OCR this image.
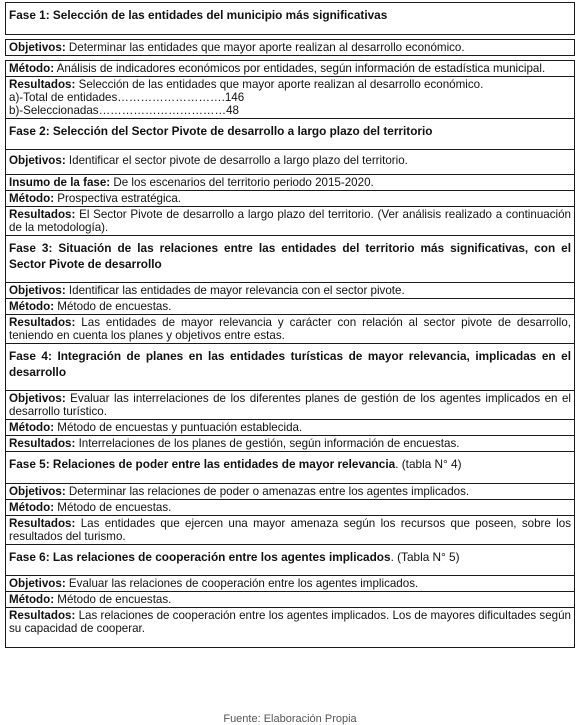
Fase 1: Selección de las entidades del municipio más significativas
Objetivos: Determinar las entidades que mayor aporte realizan al desarrollo económico.
Método: Análisis de indicadores económicos por entidades, según información de estadística municipal.
Resultados: Selección de las entidades que mayor aporte realizan al desarrollo económico.
a)-Total de entidades……………………….146
b)-Seleccionadas……………………………48
Fase 2: Selección del Sector Pivote de desarrollo a largo plazo del territorio
Objetivos: Identificar el sector pivote de desarrollo a largo plazo del territorio.
Insumo de la fase: De los escenarios del territorio periodo 2015-2020.
Método: Prospectiva estratégica.
Resultados: El Sector Pivote de desarrollo a largo plazo del territorio. (Ver análisis realizado a continuación de la metodología).
Fase 3: Situación de las relaciones entre las entidades del territorio más significativas, con el Sector Pivote de desarrollo
Objetivos: Identificar las entidades de mayor relevancia con el sector pivote.
Método: Método de encuestas.
Resultados: Las entidades de mayor relevancia y carácter con relación al sector pivote de desarrollo, teniendo en cuenta los planes y objetivos entre estas.
Fase 4: Integración de planes en las entidades turísticas de mayor relevancia, implicadas en el desarrollo
Objetivos: Evaluar las interrelaciones de los diferentes planes de gestión de los agentes implicados en el desarrollo turístico.
Método: Método de encuestas y puntuación establecida.
Resultados: Interrelaciones de los planes de gestión, según información de encuestas.
Fase 5: Relaciones de poder entre las entidades de mayor relevancia. (tabla N° 4)
Objetivos: Determinar las relaciones de poder o amenazas entre los agentes implicados.
Método: Método de encuestas.
Resultados: Las entidades que ejercen una mayor amenaza según los recursos que poseen, sobre los resultados del turismo.
Fase 6: Las relaciones de cooperación entre los agentes implicados. (Tabla N° 5)
Objetivos: Evaluar las relaciones de cooperación entre los agentes implicados.
Método: Método de encuestas.
Resultados: Las relaciones de cooperación entre los agentes implicados. Los de mayores dificultades según su capacidad de cooperar.
Fuente: Elaboración Propia
